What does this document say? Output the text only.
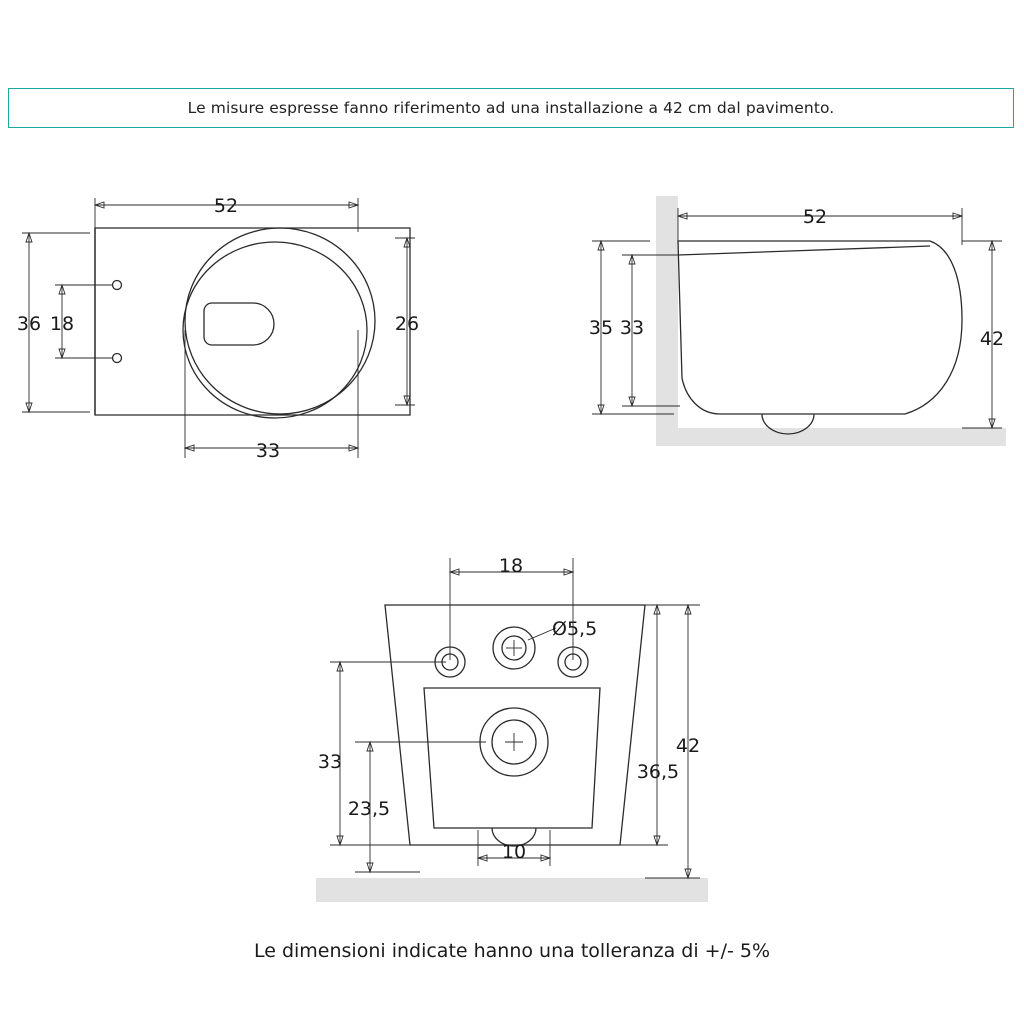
Le misure espresse fanno riferimento ad una installazione a 42 cm dal pavimento.
52
36 18	26
33
52
35 33	42
18
Ø5,5
33
23,5
10
36,5
42
Le dimensioni indicate hanno una tolleranza di +/- 5%
